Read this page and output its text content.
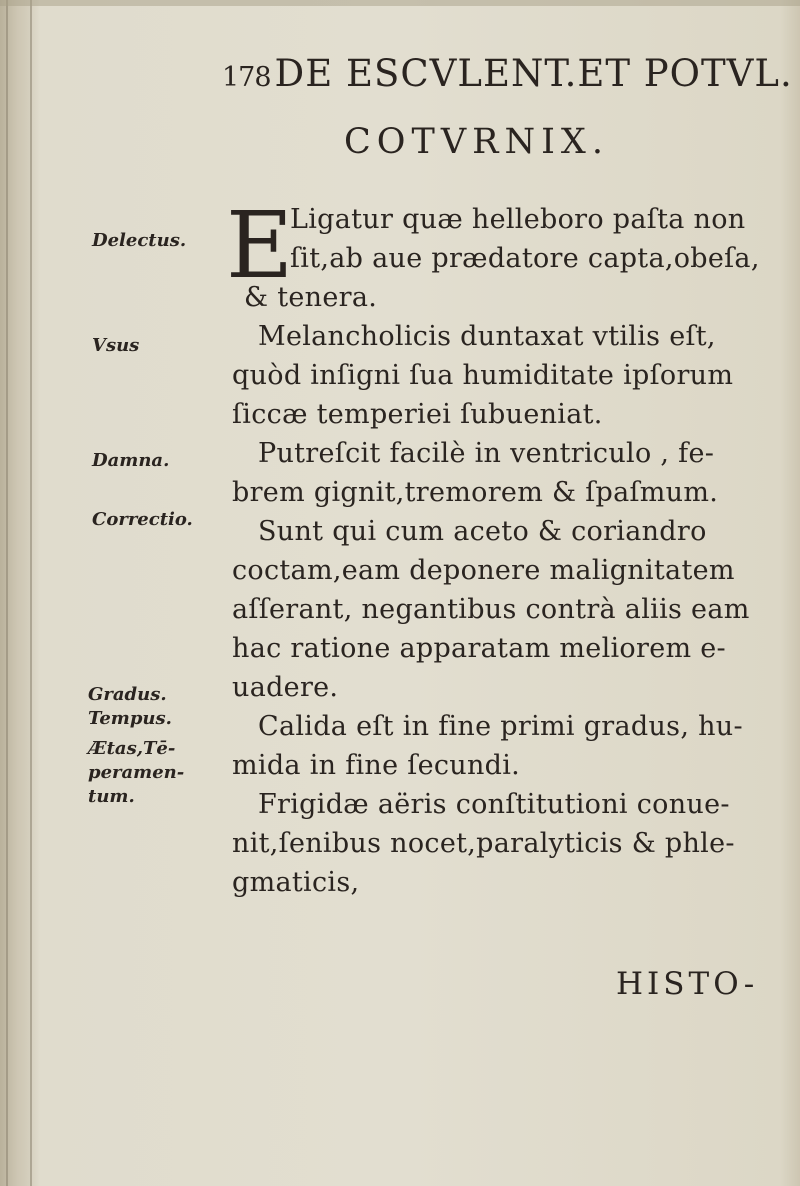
178 DE ESCVLENT.ET POTVL.
COTVRNIX.
Delectus.
Vsus
Damna.
Correctio.
Gradus.
Tempus.
Ætas,Tē-
peramen-
tum.
E
Ligatur quæ helleboro paſta non
ſit,ab aue prædatore capta,obeſa,
& tenera.
Melancholicis duntaxat vtilis eſt,
quòd inſigni ſua humiditate ipſorum
ſiccæ temperiei ſubueniat.
Putreſcit facilè in ventriculo , fe-
brem gignit,tremorem & ſpaſmum.
Sunt qui cum aceto & coriandro
coctam,eam deponere malignitatem
aſſerant, negantibus contrà aliis eam
hac ratione apparatam meliorem e-
uadere.
Calida eſt in fine primi gradus, hu-
mida in fine ſecundi.
Frigidæ aëris conſtitutioni conue-
nit,ſenibus nocet,paralyticis & phle-
gmaticis,
HISTO-
